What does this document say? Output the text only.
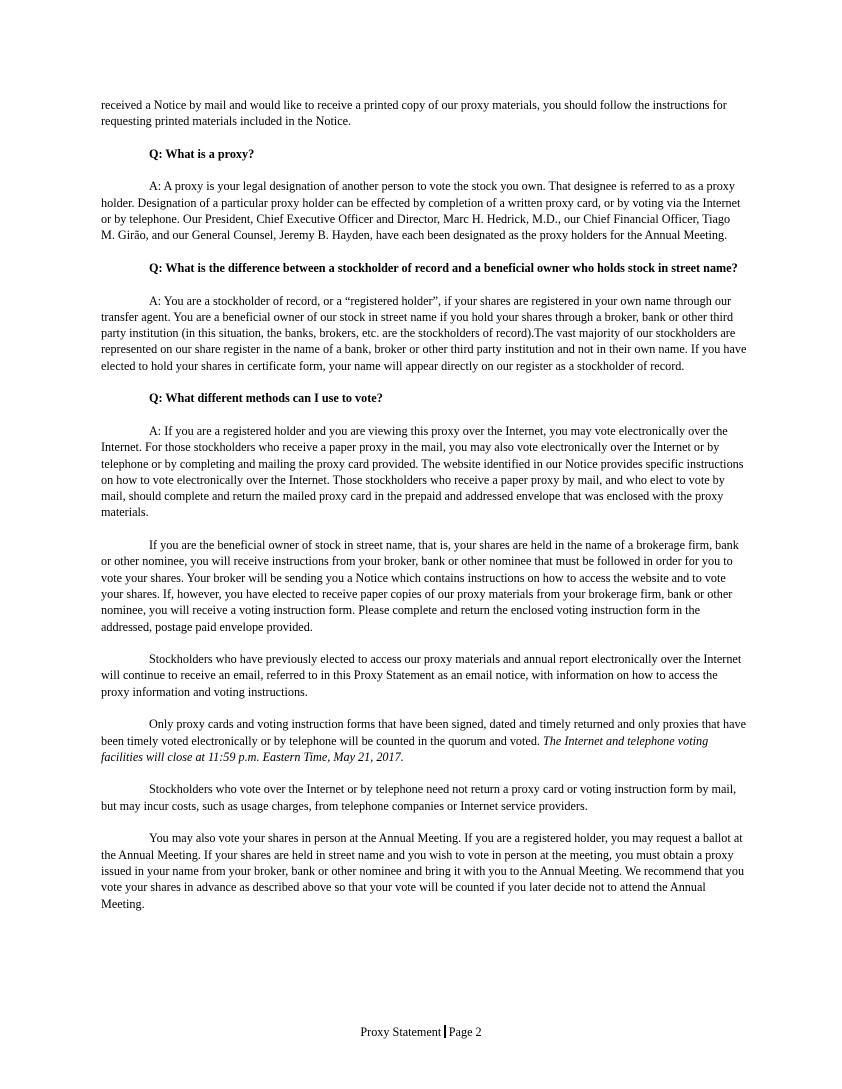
received a Notice by mail and would like to receive a printed copy of our proxy materials, you should follow the instructions for requesting printed materials included in the Notice.

Q: What is a proxy?

A: A proxy is your legal designation of another person to vote the stock you own. That designee is referred to as a proxy holder. Designation of a particular proxy holder can be effected by completion of a written proxy card, or by voting via the Internet or by telephone. Our President, Chief Executive Officer and Director, Marc H. Hedrick, M.D., our Chief Financial Officer, Tiago M. Girão, and our General Counsel, Jeremy B. Hayden, have each been designated as the proxy holders for the Annual Meeting.

Q: What is the difference between a stockholder of record and a beneficial owner who holds stock in street name?

A: You are a stockholder of record, or a “registered holder”, if your shares are registered in your own name through our transfer agent. You are a beneficial owner of our stock in street name if you hold your shares through a broker, bank or other third party institution (in this situation, the banks, brokers, etc. are the stockholders of record).The vast majority of our stockholders are represented on our share register in the name of a bank, broker or other third party institution and not in their own name. If you have elected to hold your shares in certificate form, your name will appear directly on our register as a stockholder of record.

Q: What different methods can I use to vote?

A: If you are a registered holder and you are viewing this proxy over the Internet, you may vote electronically over the Internet. For those stockholders who receive a paper proxy in the mail, you may also vote electronically over the Internet or by telephone or by completing and mailing the proxy card provided. The website identified in our Notice provides specific instructions on how to vote electronically over the Internet. Those stockholders who receive a paper proxy by mail, and who elect to vote by mail, should complete and return the mailed proxy card in the prepaid and addressed envelope that was enclosed with the proxy materials.

If you are the beneficial owner of stock in street name, that is, your shares are held in the name of a brokerage firm, bank or other nominee, you will receive instructions from your broker, bank or other nominee that must be followed in order for you to vote your shares. Your broker will be sending you a Notice which contains instructions on how to access the website and to vote your shares. If, however, you have elected to receive paper copies of our proxy materials from your brokerage firm, bank or other nominee, you will receive a voting instruction form. Please complete and return the enclosed voting instruction form in the addressed, postage paid envelope provided.

Stockholders who have previously elected to access our proxy materials and annual report electronically over the Internet will continue to receive an email, referred to in this Proxy Statement as an email notice, with information on how to access the proxy information and voting instructions.

Only proxy cards and voting instruction forms that have been signed, dated and timely returned and only proxies that have been timely voted electronically or by telephone will be counted in the quorum and voted. The Internet and telephone voting facilities will close at 11:59 p.m. Eastern Time, May 21, 2017.

Stockholders who vote over the Internet or by telephone need not return a proxy card or voting instruction form by mail, but may incur costs, such as usage charges, from telephone companies or Internet service providers.

You may also vote your shares in person at the Annual Meeting. If you are a registered holder, you may request a ballot at the Annual Meeting. If your shares are held in street name and you wish to vote in person at the meeting, you must obtain a proxy issued in your name from your broker, bank or other nominee and bring it with you to the Annual Meeting. We recommend that you vote your shares in advance as described above so that your vote will be counted if you later decide not to attend the Annual Meeting.

Proxy Statement Page 2
